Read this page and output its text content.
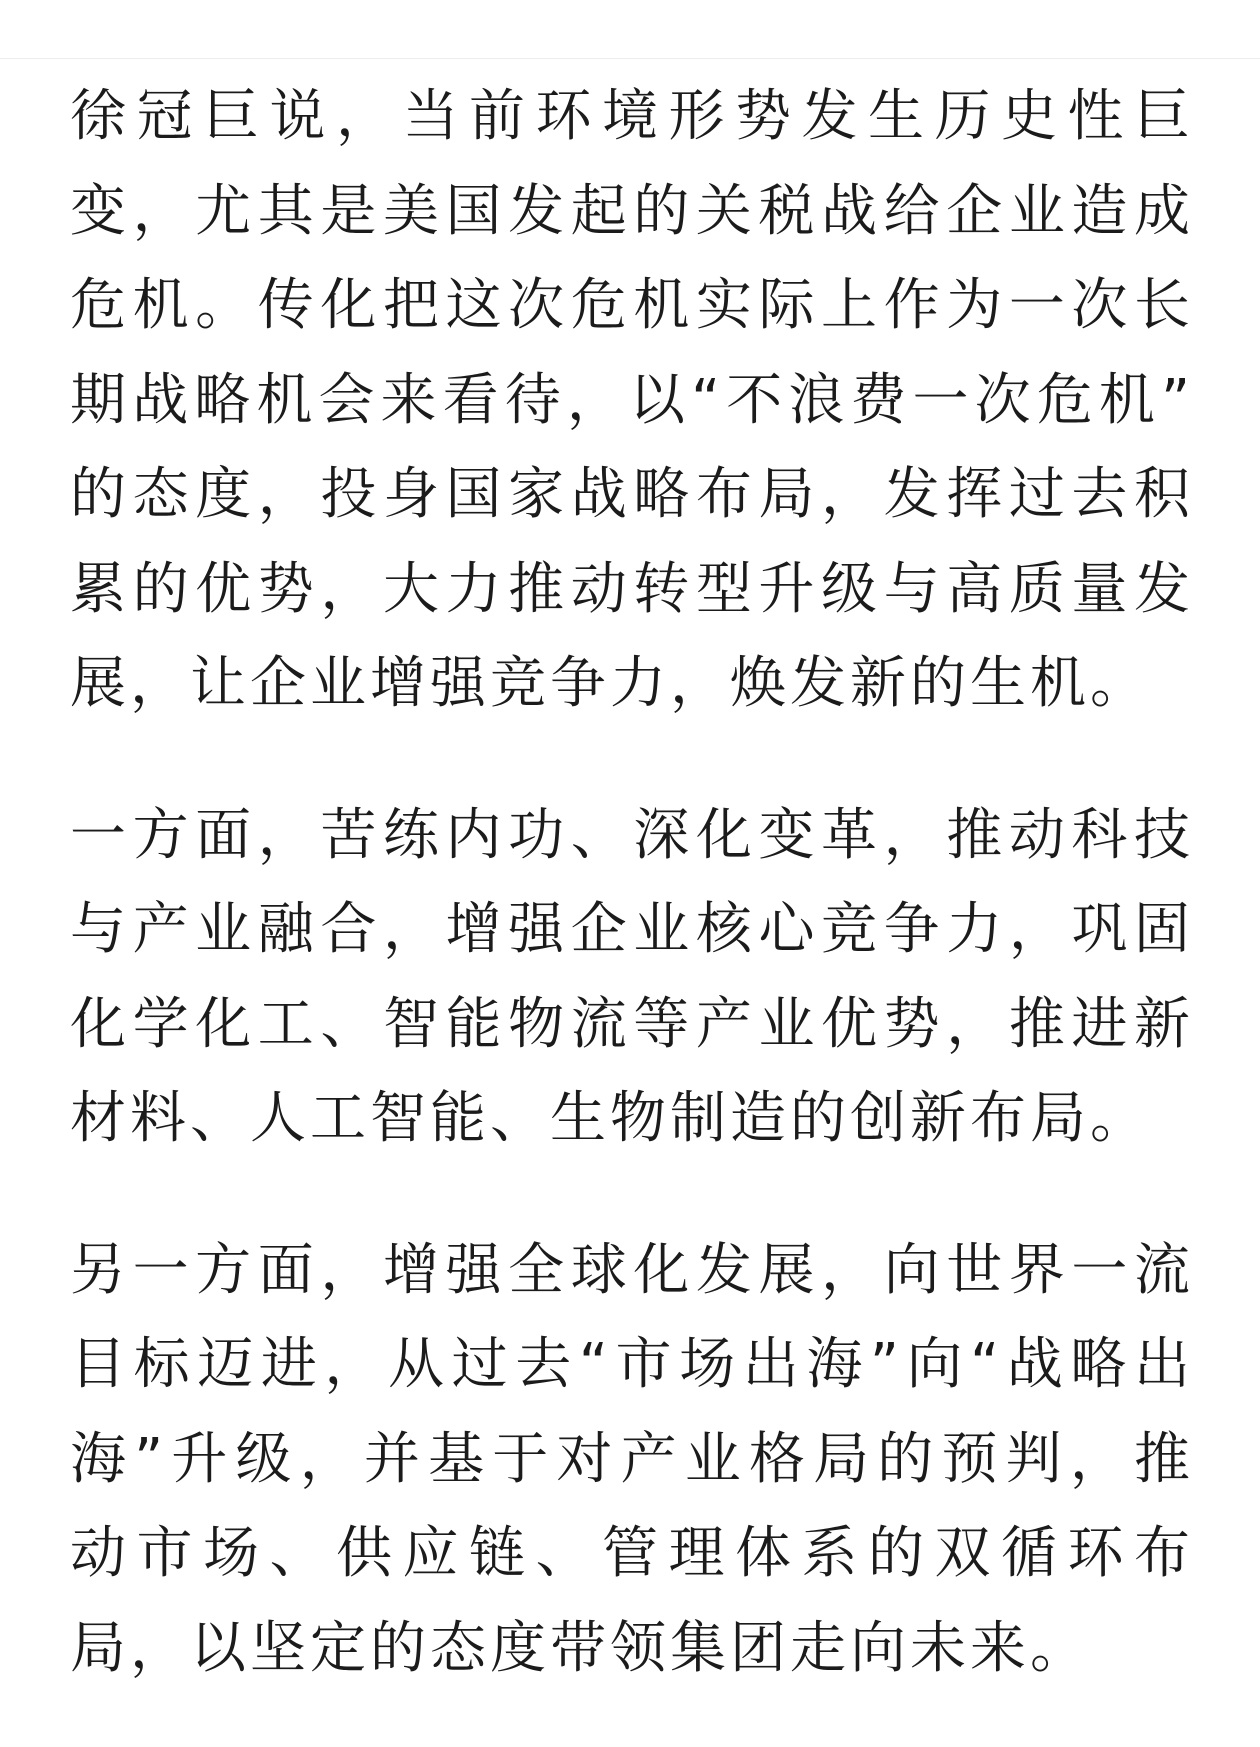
徐冠巨说，当前环境形势发生历史性巨
变，尤其是美国发起的关税战给企业造成
危机。传化把这次危机实际上作为一次长
期战略机会来看待，以“不浪费一次危机”
的态度，投身国家战略布局，发挥过去积
累的优势，大力推动转型升级与高质量发
展，让企业增强竞争力，焕发新的生机。
一方面，苦练内功、深化变革，推动科技
与产业融合，增强企业核心竞争力，巩固
化学化工、智能物流等产业优势，推进新
材料、人工智能、生物制造的创新布局。
另一方面，增强全球化发展，向世界一流
目标迈进，从过去“市场出海”向“战略出
海”升级，并基于对产业格局的预判，推
动市场、供应链、管理体系的双循环布
局，以坚定的态度带领集团走向未来。
